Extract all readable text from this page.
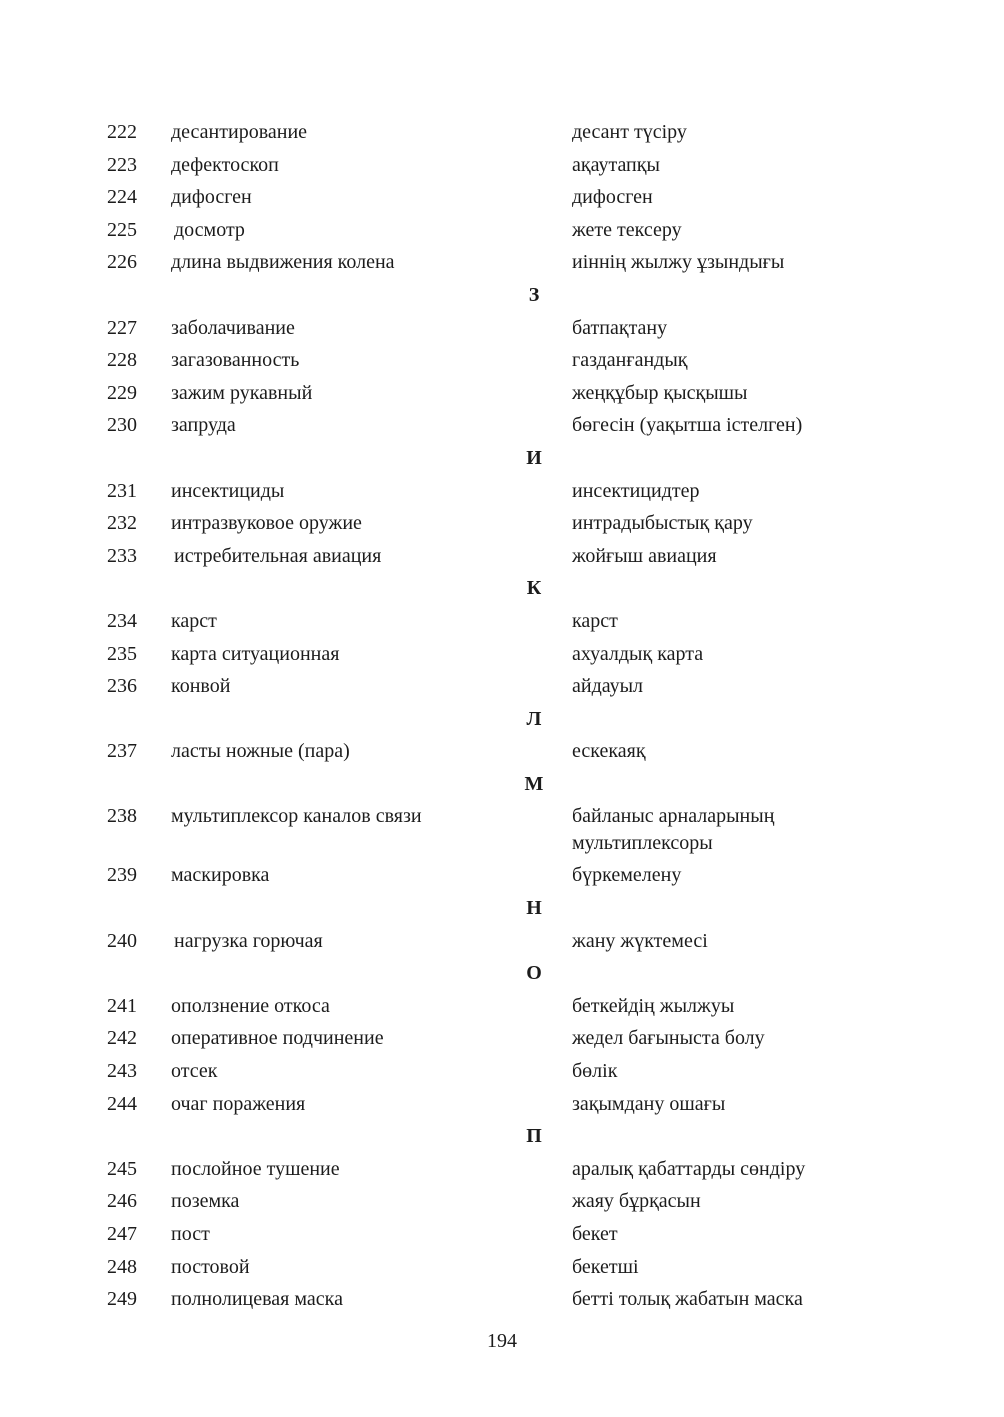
222 десантирование	десант түсіру
223 дефектоскоп	ақаутапқы
224 дифосген	дифосген
225 досмотр	жете тексеру
226 длина выдвижения колена	иіннің жылжу ұзындығы
З
227 заболачивание	батпақтану
228 загазованность	газданғандық
229 зажим рукавный	жеңқұбыр қысқышы
230 запруда	бөгесін (уақытша істелген)
И
231 инсектициды	инсектицидтер
232 интразвуковое оружие	интрадыбыстық қару
233 истребительная авиация	жойғыш авиация
К
234 карст	карст
235 карта ситуационная	ахуалдық карта
236 конвой	айдауыл
Л
237 ласты ножные (пара)	ескекаяқ
М
238 мультиплексор каналов связи	байланыс арналарының мультиплексоры
239 маскировка	бүркемелену
Н
240 нагрузка горючая	жану жүктемесі
О
241 оползнение откоса	беткейдің жылжуы
242 оперативное подчинение	жедел бағыныста болу
243 отсек	бөлік
244 очаг поражения	зақымдану ошағы
П
245 послойное тушение	аралық қабаттарды сөндіру
246 поземка	жаяу бұрқасын
247 пост	бекет
248 постовой	бекетші
249 полнолицевая маска	бетті толық жабатын маска
194
